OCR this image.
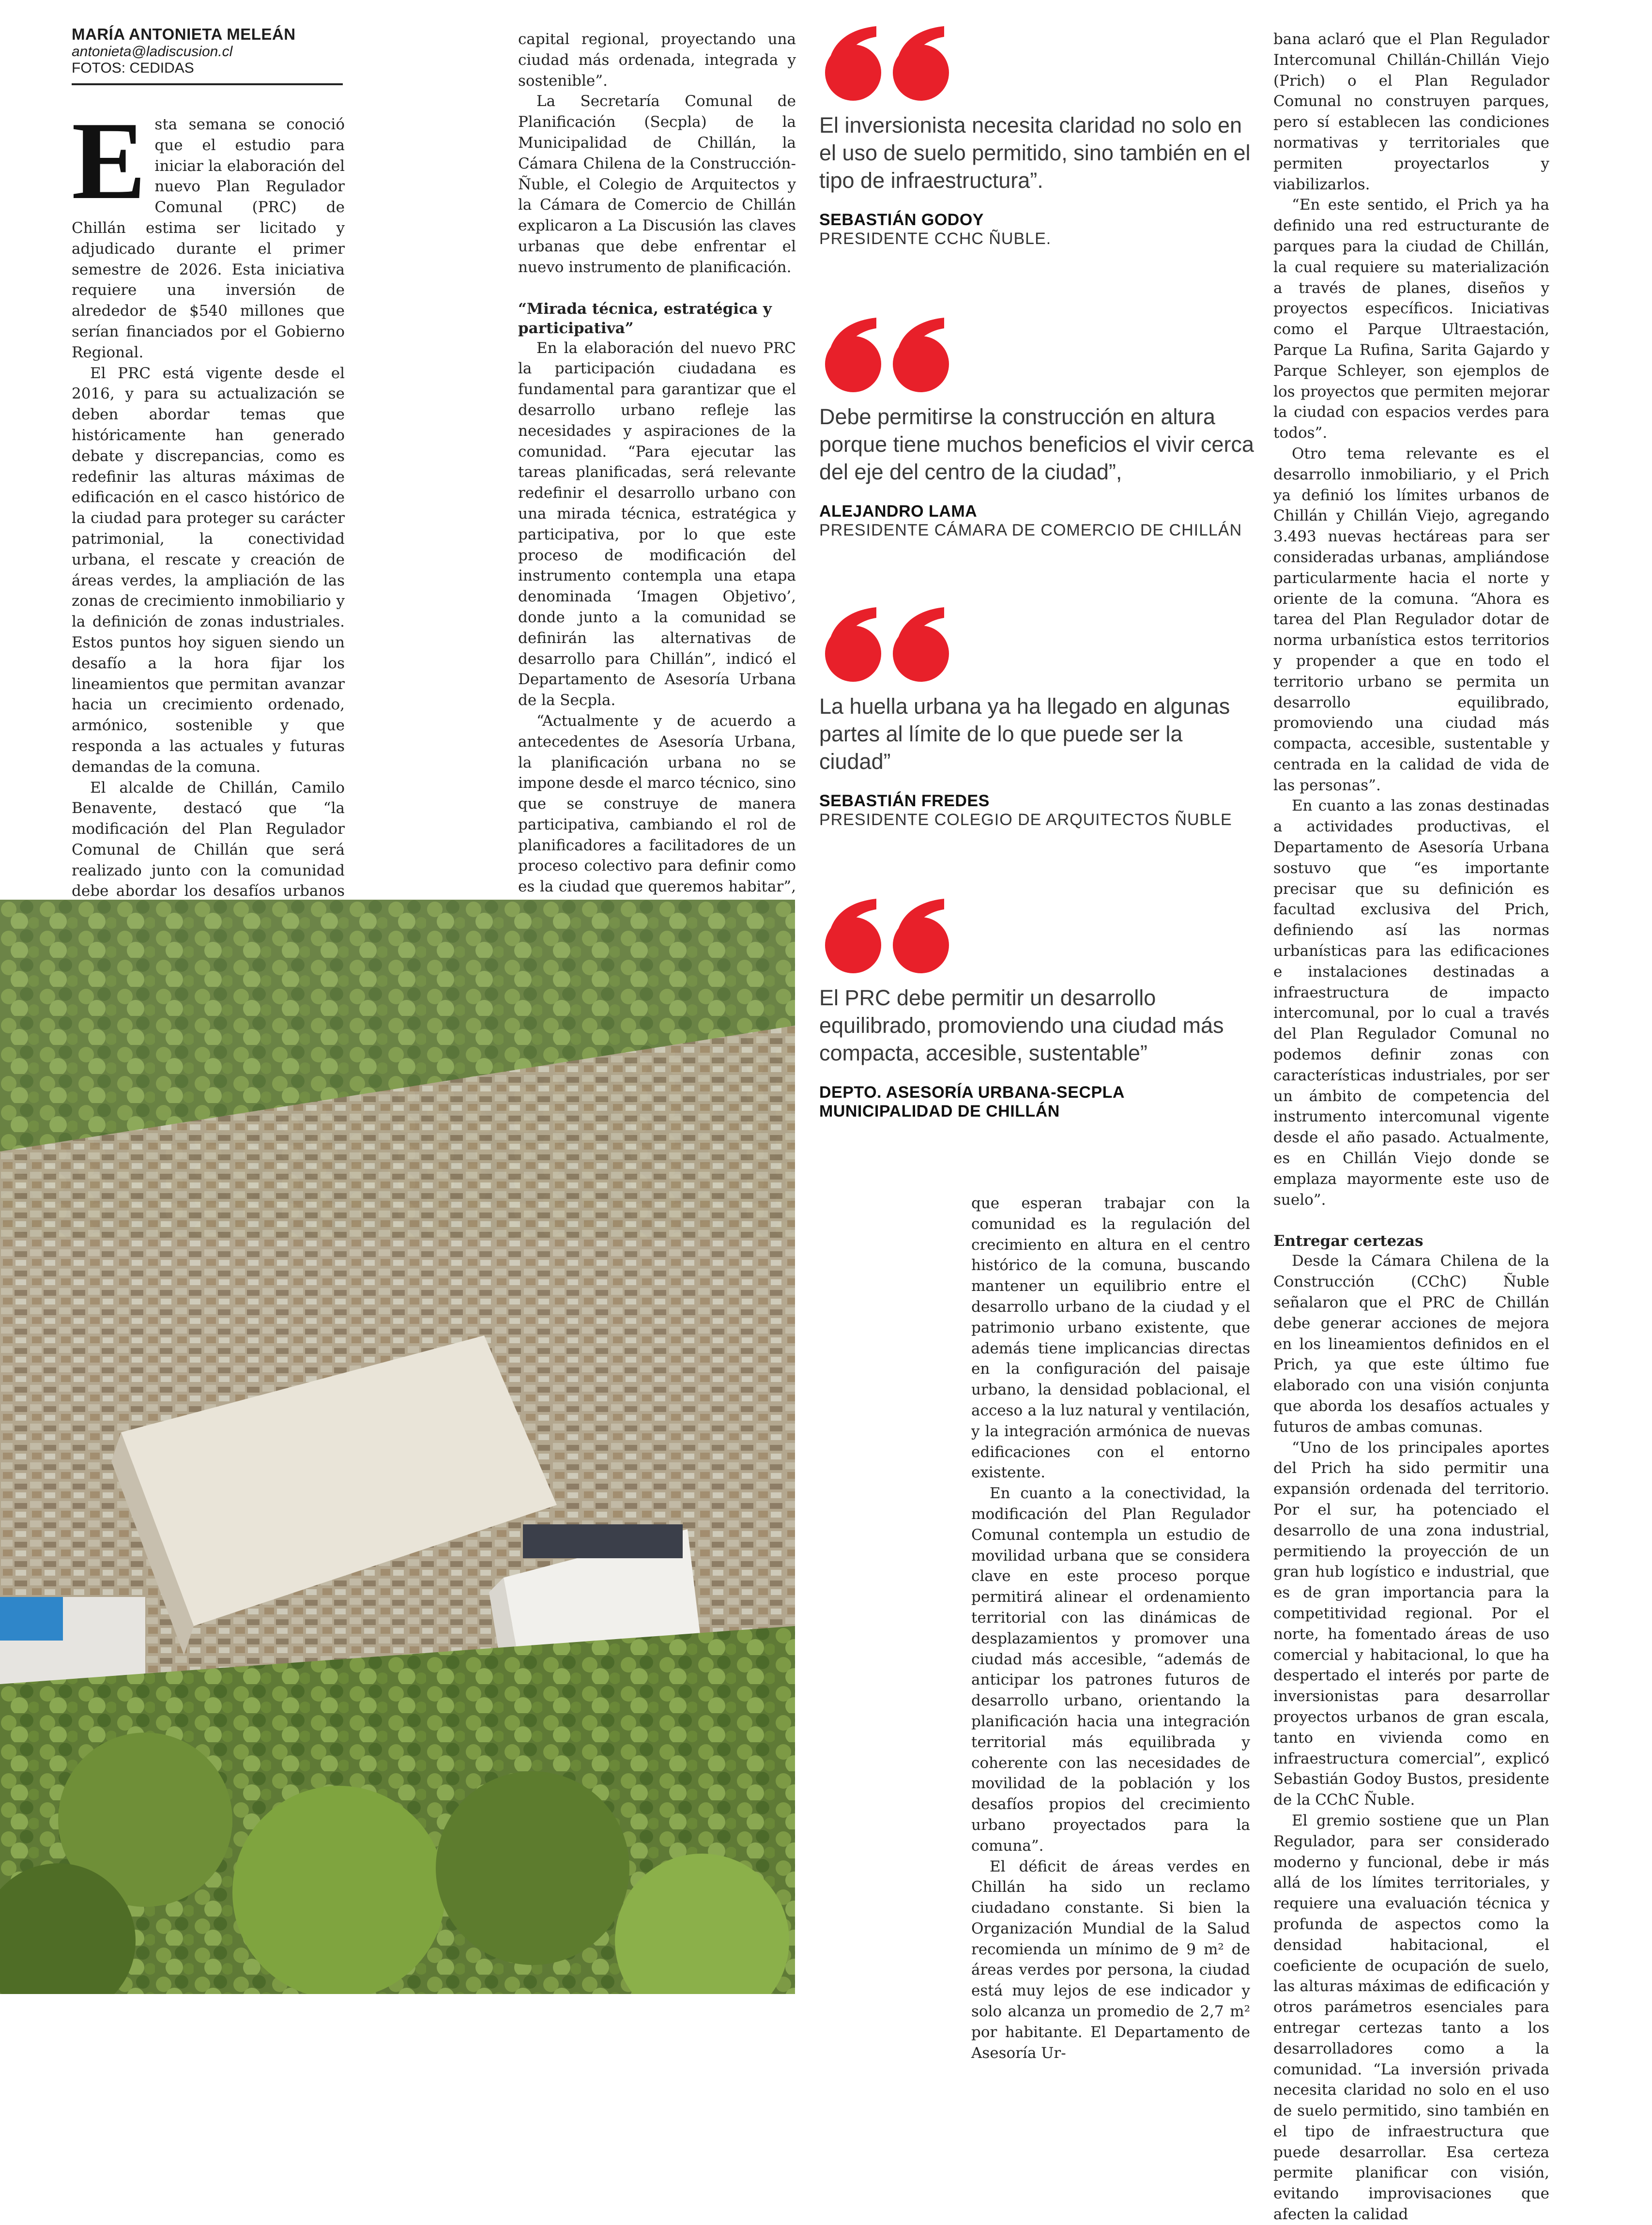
MARÍA ANTONIETA MELEÁN
antonieta@ladiscusion.cl
FOTOS: CEDIDAS

Esta semana se conoció que el estudio para iniciar la elaboración del nuevo Plan Regulador Comunal (PRC) de Chillán estima ser licitado y adjudicado durante el primer semestre de 2026. Esta iniciativa requiere una inversión de alrededor de $540 millones que serían financiados por el Gobierno Regional.

El PRC está vigente desde el 2016, y para su actualización se deben abordar temas que históricamente han generado debate y discrepancias, como es redefinir las alturas máximas de edificación en el casco histórico de la ciudad para proteger su carácter patrimonial, la conectividad urbana, el rescate y creación de áreas verdes, la ampliación de las zonas de crecimiento inmobiliario y la definición de zonas industriales. Estos puntos hoy siguen siendo un desafío a la hora fijar los lineamientos que permitan avanzar hacia un crecimiento ordenado, armónico, sostenible y que responda a las actuales y futuras demandas de la comuna.

El alcalde de Chillán, Camilo Benavente, destacó que “la modificación del Plan Regulador Comunal de Chillán que será realizado junto con la comunidad debe abordar los desafíos urbanos

capital regional, proyectando una ciudad más ordenada, integrada y sostenible”.

La Secretaría Comunal de Planificación (Secpla) de la Municipalidad de Chillán, la Cámara Chilena de la Construcción-Ñuble, el Colegio de Arquitectos y la Cámara de Comercio de Chillán explicaron a La Discusión las claves urbanas que debe enfrentar el nuevo instrumento de planificación.

“Mirada técnica, estratégica y participativa”

En la elaboración del nuevo PRC la participación ciudadana es fundamental para garantizar que el desarrollo urbano refleje las necesidades y aspiraciones de la comunidad. “Para ejecutar las tareas planificadas, será relevante redefinir el desarrollo urbano con una mirada técnica, estratégica y participativa, por lo que este proceso de modificación del instrumento contempla una etapa denominada ‘Imagen Objetivo’, donde junto a la comunidad se definirán las alternativas de desarrollo para Chillán”, indicó el Departamento de Asesoría Urbana de la Secpla.

“Actualmente y de acuerdo a antecedentes de Asesoría Urbana, la planificación urbana no se impone desde el marco técnico, sino que se construye de manera participativa, cambiando el rol de planificadores a facilitadores de un proceso colectivo para definir como es la ciudad que queremos habitar”,

El inversionista necesita claridad no solo en el uso de suelo permitido, sino también en el tipo de infraestructura”.

SEBASTIÁN GODOY
PRESIDENTE CCHC ÑUBLE.

Debe permitirse la construcción en altura porque tiene muchos beneficios el vivir cerca del eje del centro de la ciudad”,

ALEJANDRO LAMA
PRESIDENTE CÁMARA DE COMERCIO DE CHILLÁN

La huella urbana ya ha llegado en algunas partes al límite de lo que puede ser la ciudad”

SEBASTIÁN FREDES
PRESIDENTE COLEGIO DE ARQUITECTOS ÑUBLE

El PRC debe permitir un desarrollo equilibrado, promoviendo una ciudad más compacta, accesible, sustentable”

DEPTO. ASESORÍA URBANA-SECPLA MUNICIPALIDAD DE CHILLÁN

que esperan trabajar con la comunidad es la regulación del crecimiento en altura en el centro histórico de la comuna, buscando mantener un equilibrio entre el desarrollo urbano de la ciudad y el patrimonio urbano existente, que además tiene implicancias directas en la configuración del paisaje urbano, la densidad poblacional, el acceso a la luz natural y ventilación, y la integración armónica de nuevas edificaciones con el entorno existente.

En cuanto a la conectividad, la modificación del Plan Regulador Comunal contempla un estudio de movilidad urbana que se considera clave en este proceso porque permitirá alinear el ordenamiento territorial con las dinámicas de desplazamientos y promover una ciudad más accesible, “además de anticipar los patrones futuros de desarrollo urbano, orientando la planificación hacia una integración territorial más equilibrada y coherente con las necesidades de movilidad de la población y los desafíos propios del crecimiento urbano proyectados para la comuna”.

El déficit de áreas verdes en Chillán ha sido un reclamo ciudadano constante. Si bien la Organización Mundial de la Salud recomienda un mínimo de 9 m² de áreas verdes por persona, la ciudad está muy lejos de ese indicador y solo alcanza un promedio de 2,7 m² por habitante. El Departamento de Asesoría Ur-

bana aclaró que el Plan Regulador Intercomunal Chillán-Chillán Viejo (Prich) o el Plan Regulador Comunal no construyen parques, pero sí establecen las condiciones normativas y territoriales que permiten proyectarlos y viabilizarlos.

“En este sentido, el Prich ya ha definido una red estructurante de parques para la ciudad de Chillán, la cual requiere su materialización a través de planes, diseños y proyectos específicos. Iniciativas como el Parque Ultraestación, Parque La Rufina, Sarita Gajardo y Parque Schleyer, son ejemplos de los proyectos que permiten mejorar la ciudad con espacios verdes para todos”.

Otro tema relevante es el desarrollo inmobiliario, y el Prich ya definió los límites urbanos de Chillán y Chillán Viejo, agregando 3.493 nuevas hectáreas para ser consideradas urbanas, ampliándose particularmente hacia el norte y oriente de la comuna. “Ahora es tarea del Plan Regulador dotar de norma urbanística estos territorios y propender a que en todo el territorio urbano se permita un desarrollo equilibrado, promoviendo una ciudad más compacta, accesible, sustentable y centrada en la calidad de vida de las personas”.

En cuanto a las zonas destinadas a actividades productivas, el Departamento de Asesoría Urbana sostuvo que “es importante precisar que su definición es facultad exclusiva del Prich, definiendo así las normas urbanísticas para las edificaciones e instalaciones destinadas a infraestructura de impacto intercomunal, por lo cual a través del Plan Regulador Comunal no podemos definir zonas con características industriales, por ser un ámbito de competencia del instrumento intercomunal vigente desde el año pasado. Actualmente, es en Chillán Viejo donde se emplaza mayormente este uso de suelo”.

Entregar certezas

Desde la Cámara Chilena de la Construcción (CChC) Ñuble señalaron que el PRC de Chillán debe generar acciones de mejora en los lineamientos definidos en el Prich, ya que este último fue elaborado con una visión conjunta que aborda los desafíos actuales y futuros de ambas comunas.

“Uno de los principales aportes del Prich ha sido permitir una expansión ordenada del territorio. Por el sur, ha potenciado el desarrollo de una zona industrial, permitiendo la proyección de un gran hub logístico e industrial, que es de gran importancia para la competitividad regional. Por el norte, ha fomentado áreas de uso comercial y habitacional, lo que ha despertado el interés por parte de inversionistas para desarrollar proyectos urbanos de gran escala, tanto en vivienda como en infraestructura comercial”, explicó Sebastián Godoy Bustos, presidente de la CChC Ñuble.

El gremio sostiene que un Plan Regulador, para ser considerado moderno y funcional, debe ir más allá de los límites territoriales, y requiere una evaluación técnica y profunda de aspectos como la densidad habitacional, el coeficiente de ocupación de suelo, las alturas máximas de edificación y otros parámetros esenciales para entregar certezas tanto a los desarrolladores como a la comunidad. “La inversión privada necesita claridad no solo en el uso de suelo permitido, sino también en el tipo de infraestructura que puede desarrollar. Esa certeza permite planificar con visión, evitando improvisaciones que afecten la calidad
